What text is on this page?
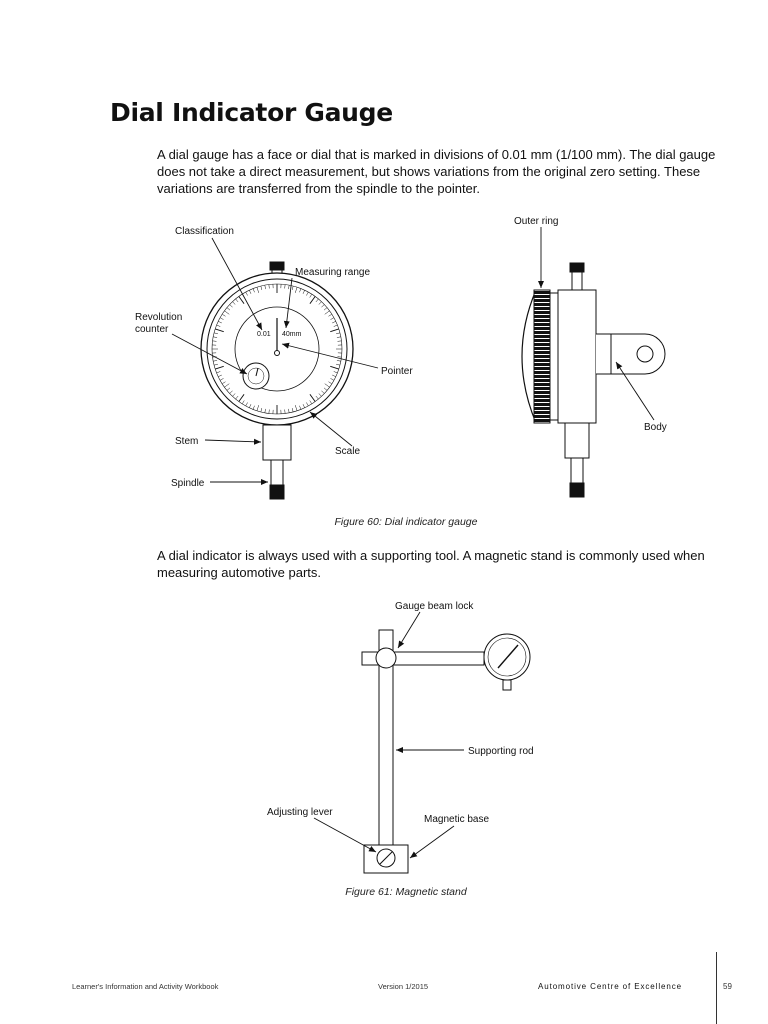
Dial Indicator Gauge
A dial gauge has a face or dial that is marked in divisions of 0.01 mm (1/100 mm). The dial gauge does not take a direct measurement, but shows variations from the original zero setting. These variations are transferred from the spindle to the pointer.
0.01 40mm
Classification
Measuring range
Revolution
counter
Pointer
Stem
Scale
Spindle
Outer ring
Body
Figure 60: Dial indicator gauge
A dial indicator is always used with a supporting tool. A magnetic stand is commonly used when measuring automotive parts.
Gauge beam lock
Supporting rod
Adjusting lever
Magnetic base
Figure 61: Magnetic stand
Learner's Information and Activity Workbook	Version 1/2015	Automotive Centre of Excellence	59
